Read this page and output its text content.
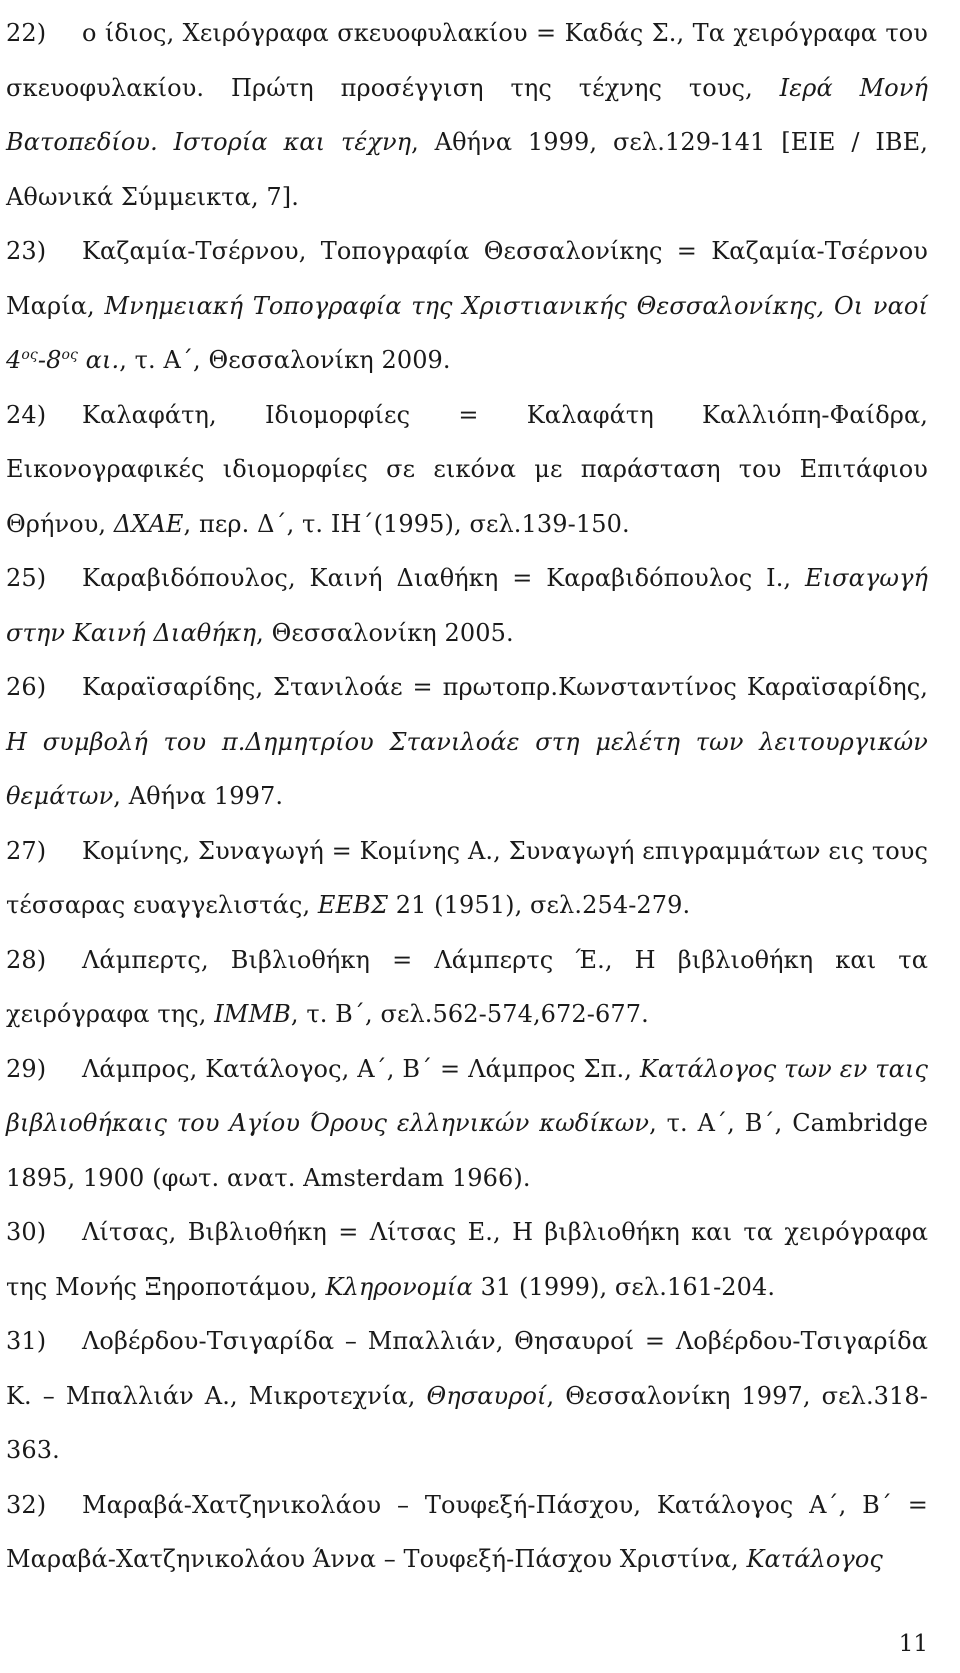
22) ο ίδιος, Χειρόγραφα σκευοφυλακίου = Καδάς Σ., Τα χειρόγραφα του σκευοφυλακίου. Πρώτη προσέγγιση της τέχνης τους, Ιερά Μονή Βατοπεδίου. Ιστορία και τέχνη, Αθήνα 1999, σελ.129-141 [ΕΙΕ / ΙΒΕ, Αθωνικά Σύμμεικτα, 7].

23) Καζαμία-Τσέρνου, Τοπογραφία Θεσσαλονίκης = Καζαμία-Τσέρνου Μαρία, Μνημειακή Τοπογραφία της Χριστιανικής Θεσσαλονίκης, Οι ναοί $4^{o\varsigma}-8^{o\varsigma}$ αι., τ. Α΄, Θεσσαλονίκη 2009.

24) Καλαφάτη, Ιδιομορφίες = Καλαφάτη Καλλιόπη-Φαίδρα, Εικονογραφικές ιδιομορφίες σε εικόνα με παράσταση του Επιτάφιου Θρήνου, ΔΧΑΕ, περ. Δ΄, τ. ΙΗ΄(1995), σελ.139-150.

25) Καραβιδόπουλος, Καινή Διαθήκη = Καραβιδόπουλος Ι., Εισαγωγή στην Καινή Διαθήκη, Θεσσαλονίκη 2005.

26) Καραϊσαρίδης, Στανιλοάε = πρωτοπρ.Κωνσταντίνος Καραϊσαρίδης, Η συμβολή του π.Δημητρίου Στανιλοάε στη μελέτη των λειτουργικών θεμάτων, Αθήνα 1997.

27) Κομίνης, Συναγωγή = Κομίνης Α., Συναγωγή επιγραμμάτων εις τους τέσσαρας ευαγγελιστάς, ΕΕΒΣ 21 (1951), σελ.254-279.

28) Λάμπερτς, Βιβλιοθήκη = Λάμπερτς Έ., Η βιβλιοθήκη και τα χειρόγραφα της, ΙΜΜΒ, τ. Β΄, σελ.562-574,672-677.

29) Λάμπρος, Κατάλογος, Α΄, Β΄ = Λάμπρος Σπ., Κατάλογος των εν ταις βιβλιοθήκαις του Αγίου Όρους ελληνικών κωδίκων, τ. Α΄, Β΄, Cambridge 1895, 1900 (φωτ. ανατ. Amsterdam 1966).

30) Λίτσας, Βιβλιοθήκη = Λίτσας Ε., Η βιβλιοθήκη και τα χειρόγραφα της Μονής Ξηροποτάμου, Κληρονομία 31 (1999), σελ.161-204.

31) Λοβέρδου-Τσιγαρίδα – Μπαλλιάν, Θησαυροί = Λοβέρδου-Τσιγαρίδα Κ. – Μπαλλιάν Α., Μικροτεχνία, Θησαυροί, Θεσσαλονίκη 1997, σελ.318-363.

32) Μαραβά-Χατζηνικολάου – Τουφεξή-Πάσχου, Κατάλογος Α΄, Β΄ = Μαραβά-Χατζηνικολάου Άννα – Τουφεξή-Πάσχου Χριστίνα, Κατάλογος

11
